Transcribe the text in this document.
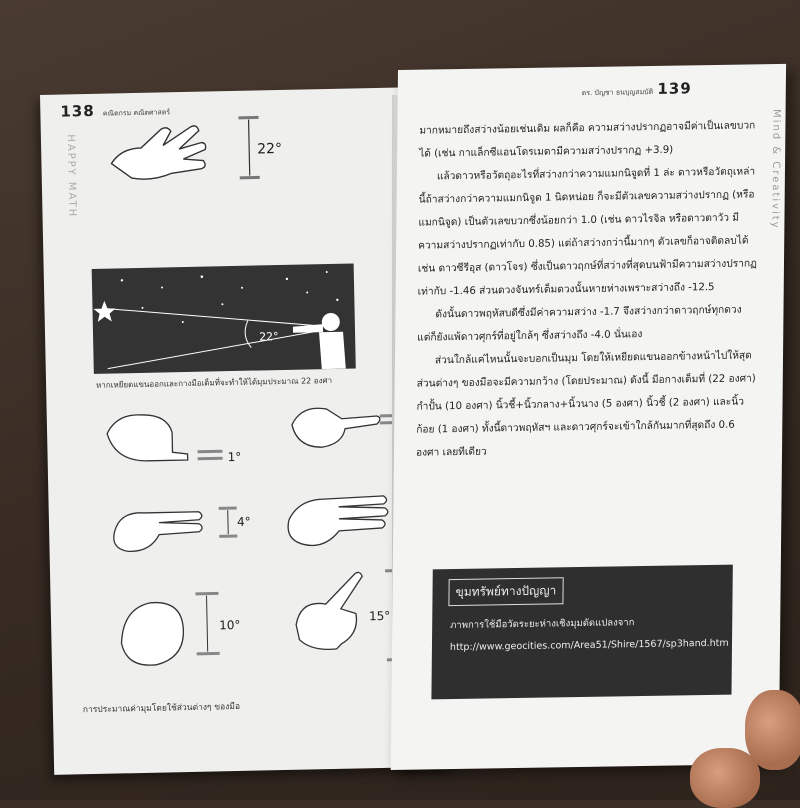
138 คณิตกรม คณิตศาสตร์
HAPPY MATH	22°
22°
หากเหยียดแขนออกและกางมือเต็มที่จะทำให้ได้มุมประมาณ 22 องศา
1°
4°
10°
15°
การประมาณค่ามุมโดยใช้ส่วนต่างๆ ของมือ
ดร. บัญชา ธนบุญสมบัติ 139
Mind & Creativity

มากหมายถึงสว่างน้อยเช่นเดิม ผลก็คือ ความสว่างปรากฏอาจมีค่าเป็นเลขบวกได้ (เช่น กาแล็กซีแอนโดรเมดามีความสว่างปรากฏ +3.9)

แล้วดาวหรือวัตถุอะไรที่สว่างกว่าความแมกนิจูดที่ 1 ล่ะ ดาวหรือวัตถุเหล่านี้ถ้าสว่างกว่าความแมกนิจูด 1 นิดหน่อย ก็จะมีตัวเลขความสว่างปรากฏ (หรือแมกนิจูด) เป็นตัวเลขบวกซึ่งน้อยกว่า 1.0 (เช่น ดาวไรจิล หรือดาวตาวัว มีความสว่างปรากฏเท่ากับ 0.85) แต่ถ้าสว่างกว่านี้มากๆ ตัวเลขก็อาจติดลบได้ เช่น ดาวซีรีอุส (ดาวโจร) ซึ่งเป็นดาวฤกษ์ที่สว่างที่สุดบนฟ้ามีความสว่างปรากฏเท่ากับ -1.46 ส่วนดวงจันทร์เต็มดวงนั้นหายห่างเพราะสว่างถึง -12.5

ดังนั้นดาวพฤหัสบดีซึ่งมีค่าความสว่าง -1.7 จึงสว่างกว่าดาวฤกษ์ทุกดวง แต่ก็ยังแพ้ดาวศุกร์ที่อยู่ใกล้ๆ ซึ่งสว่างถึง -4.0 นั่นเอง

ส่วนใกล้แค่ไหนนั้นจะบอกเป็นมุม โดยให้เหยียดแขนออกข้างหน้าไปให้สุด ส่วนต่างๆ ของมือจะมีความกว้าง (โดยประมาณ) ดังนี้ มือกางเต็มที่ (22 องศา) กำปั้น (10 องศา) นิ้วชี้+นิ้วกลาง+นิ้วนาง (5 องศา) นิ้วชี้ (2 องศา) และนิ้วก้อย (1 องศา) ทั้งนี้ดาวพฤหัสฯ และดาวศุกร์จะเข้าใกล้กันมากที่สุดถึง 0.6 องศา เลยทีเดียว

ขุมทรัพย์ทางปัญญา
ภาพการใช้มือวัดระยะห่างเชิงมุมดัดแปลงจาก http://www.geocities.com/Area51/Shire/1567/sp3hand.htm
